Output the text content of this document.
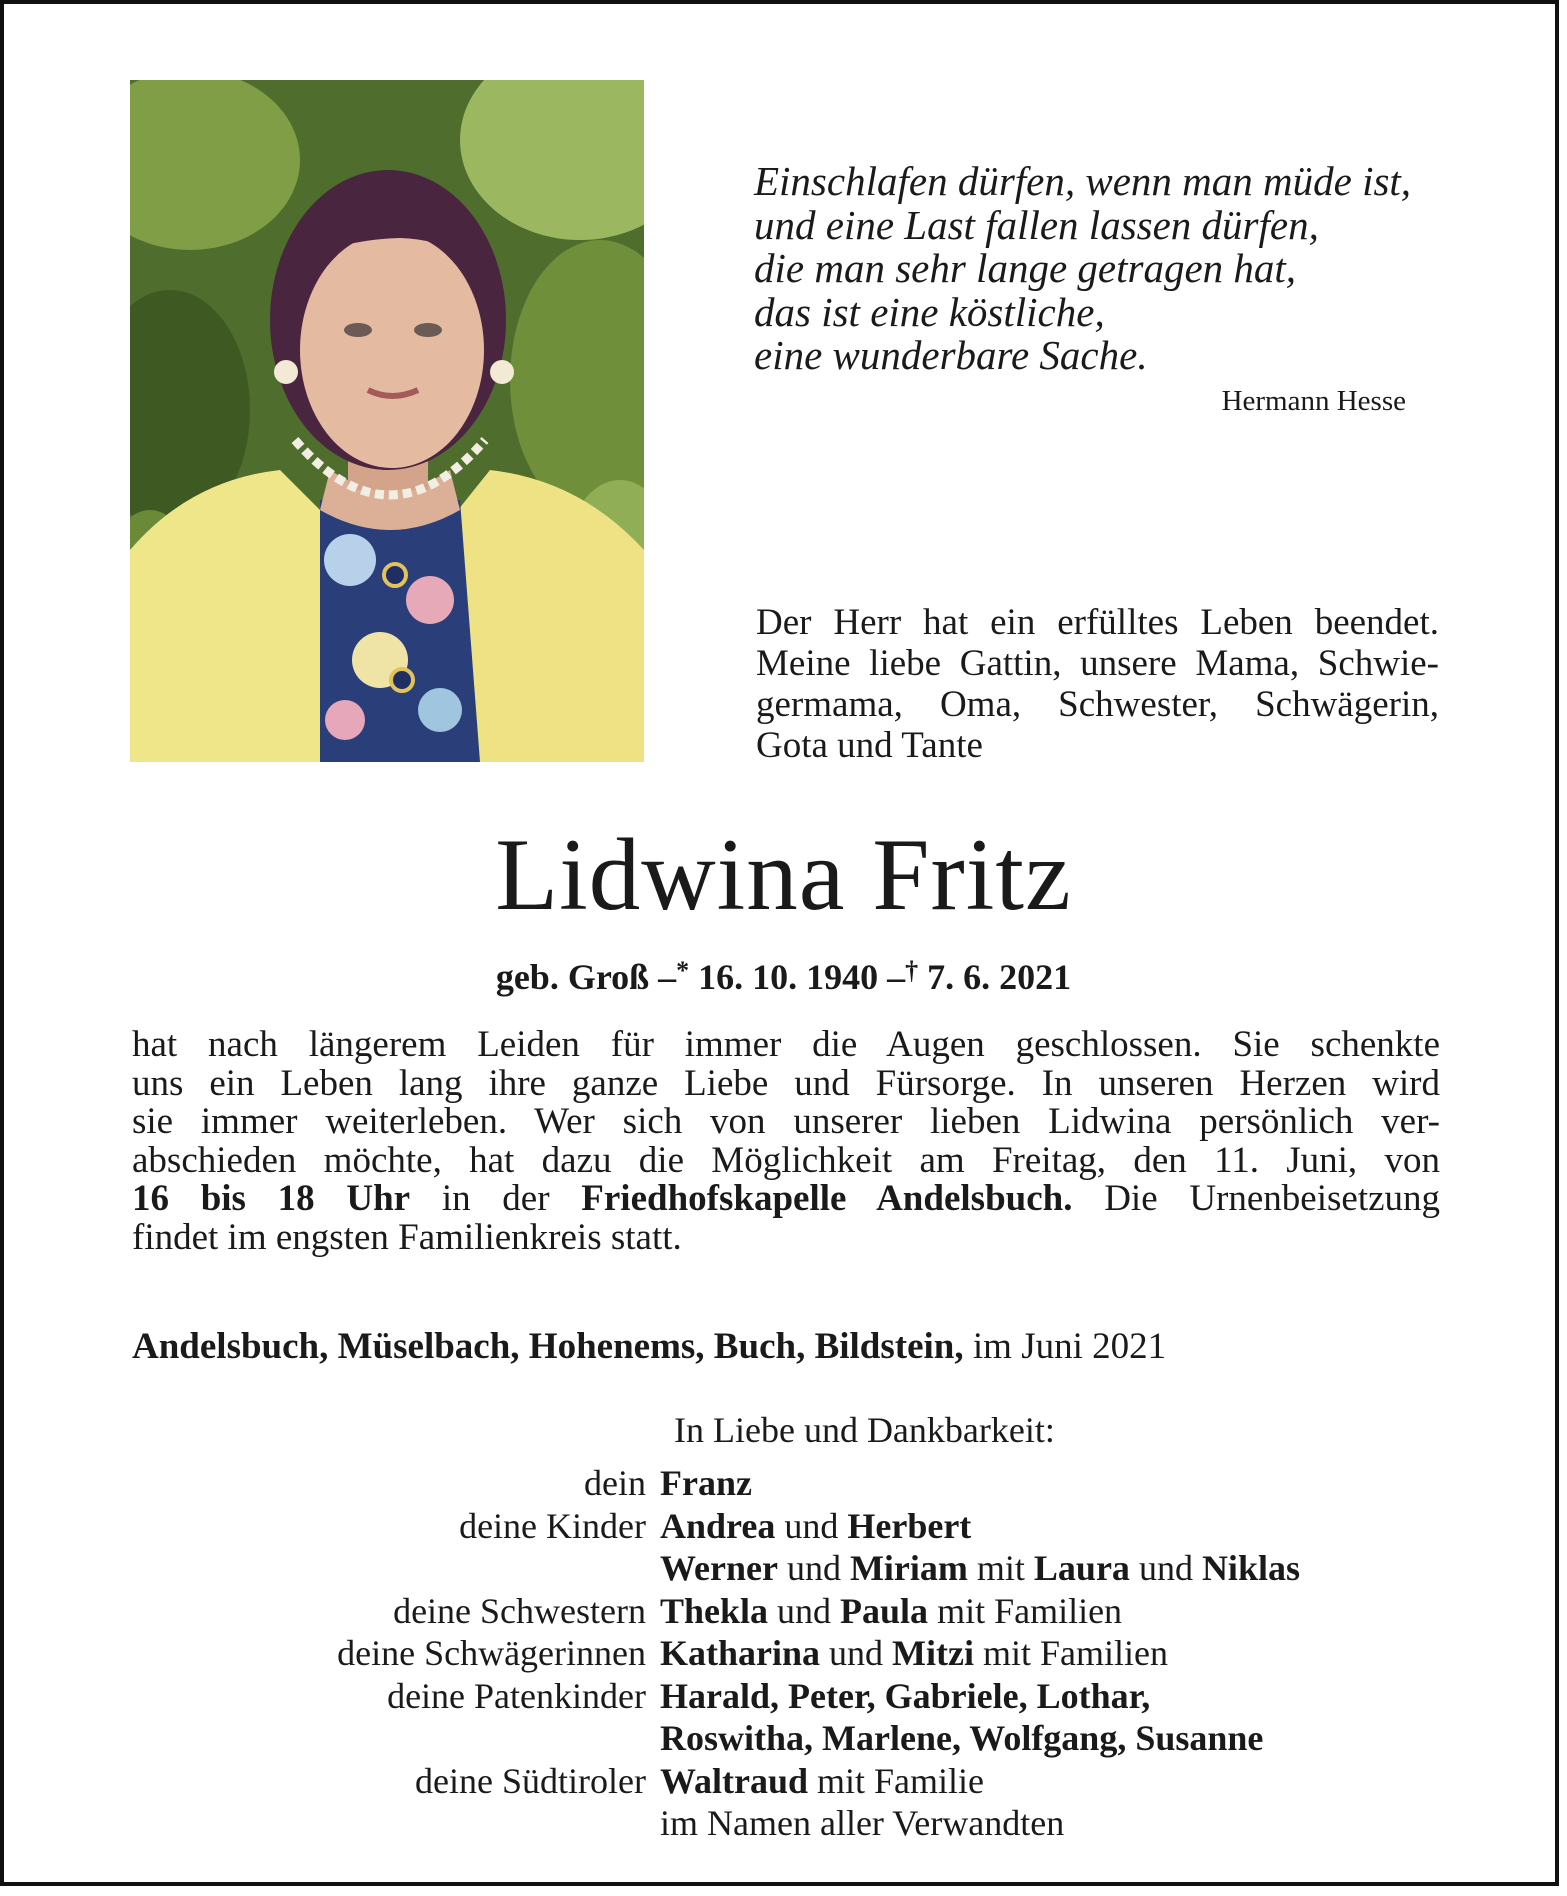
Einschlafen dürfen, wenn man müde ist,
und eine Last fallen lassen dürfen,
die man sehr lange getragen hat,
das ist eine köstliche,
eine wunderbare Sache.
Hermann Hesse
Der Herr hat ein erfülltes Leben beendet.
Meine liebe Gattin, unsere Mama, Schwie-
germama, Oma, Schwester, Schwägerin,
Gota und Tante
Lidwina Fritz
geb. Groß –* 16. 10. 1940 –† 7. 6. 2021
hat nach längerem Leiden für immer die Augen geschlossen. Sie schenkte
uns ein Leben lang ihre ganze Liebe und Fürsorge. In unseren Herzen wird
sie immer weiterleben. Wer sich von unserer lieben Lidwina persönlich ver-
abschieden möchte, hat dazu die Möglichkeit am Freitag, den 11. Juni, von
16 bis 18 Uhr in der Friedhofskapelle Andelsbuch. Die Urnenbeisetzung
findet im engsten Familienkreis statt.
Andelsbuch, Müselbach, Hohenems, Buch, Bildstein, im Juni 2021
In Liebe und Dankbarkeit:
dein Franz
deine Kinder Andrea und Herbert
Werner und Miriam mit Laura und Niklas
deine Schwestern Thekla und Paula mit Familien
deine Schwägerinnen Katharina und Mitzi mit Familien
deine Patenkinder Harald, Peter, Gabriele, Lothar,
Roswitha, Marlene, Wolfgang, Susanne
deine Südtiroler Waltraud mit Familie
im Namen aller Verwandten
